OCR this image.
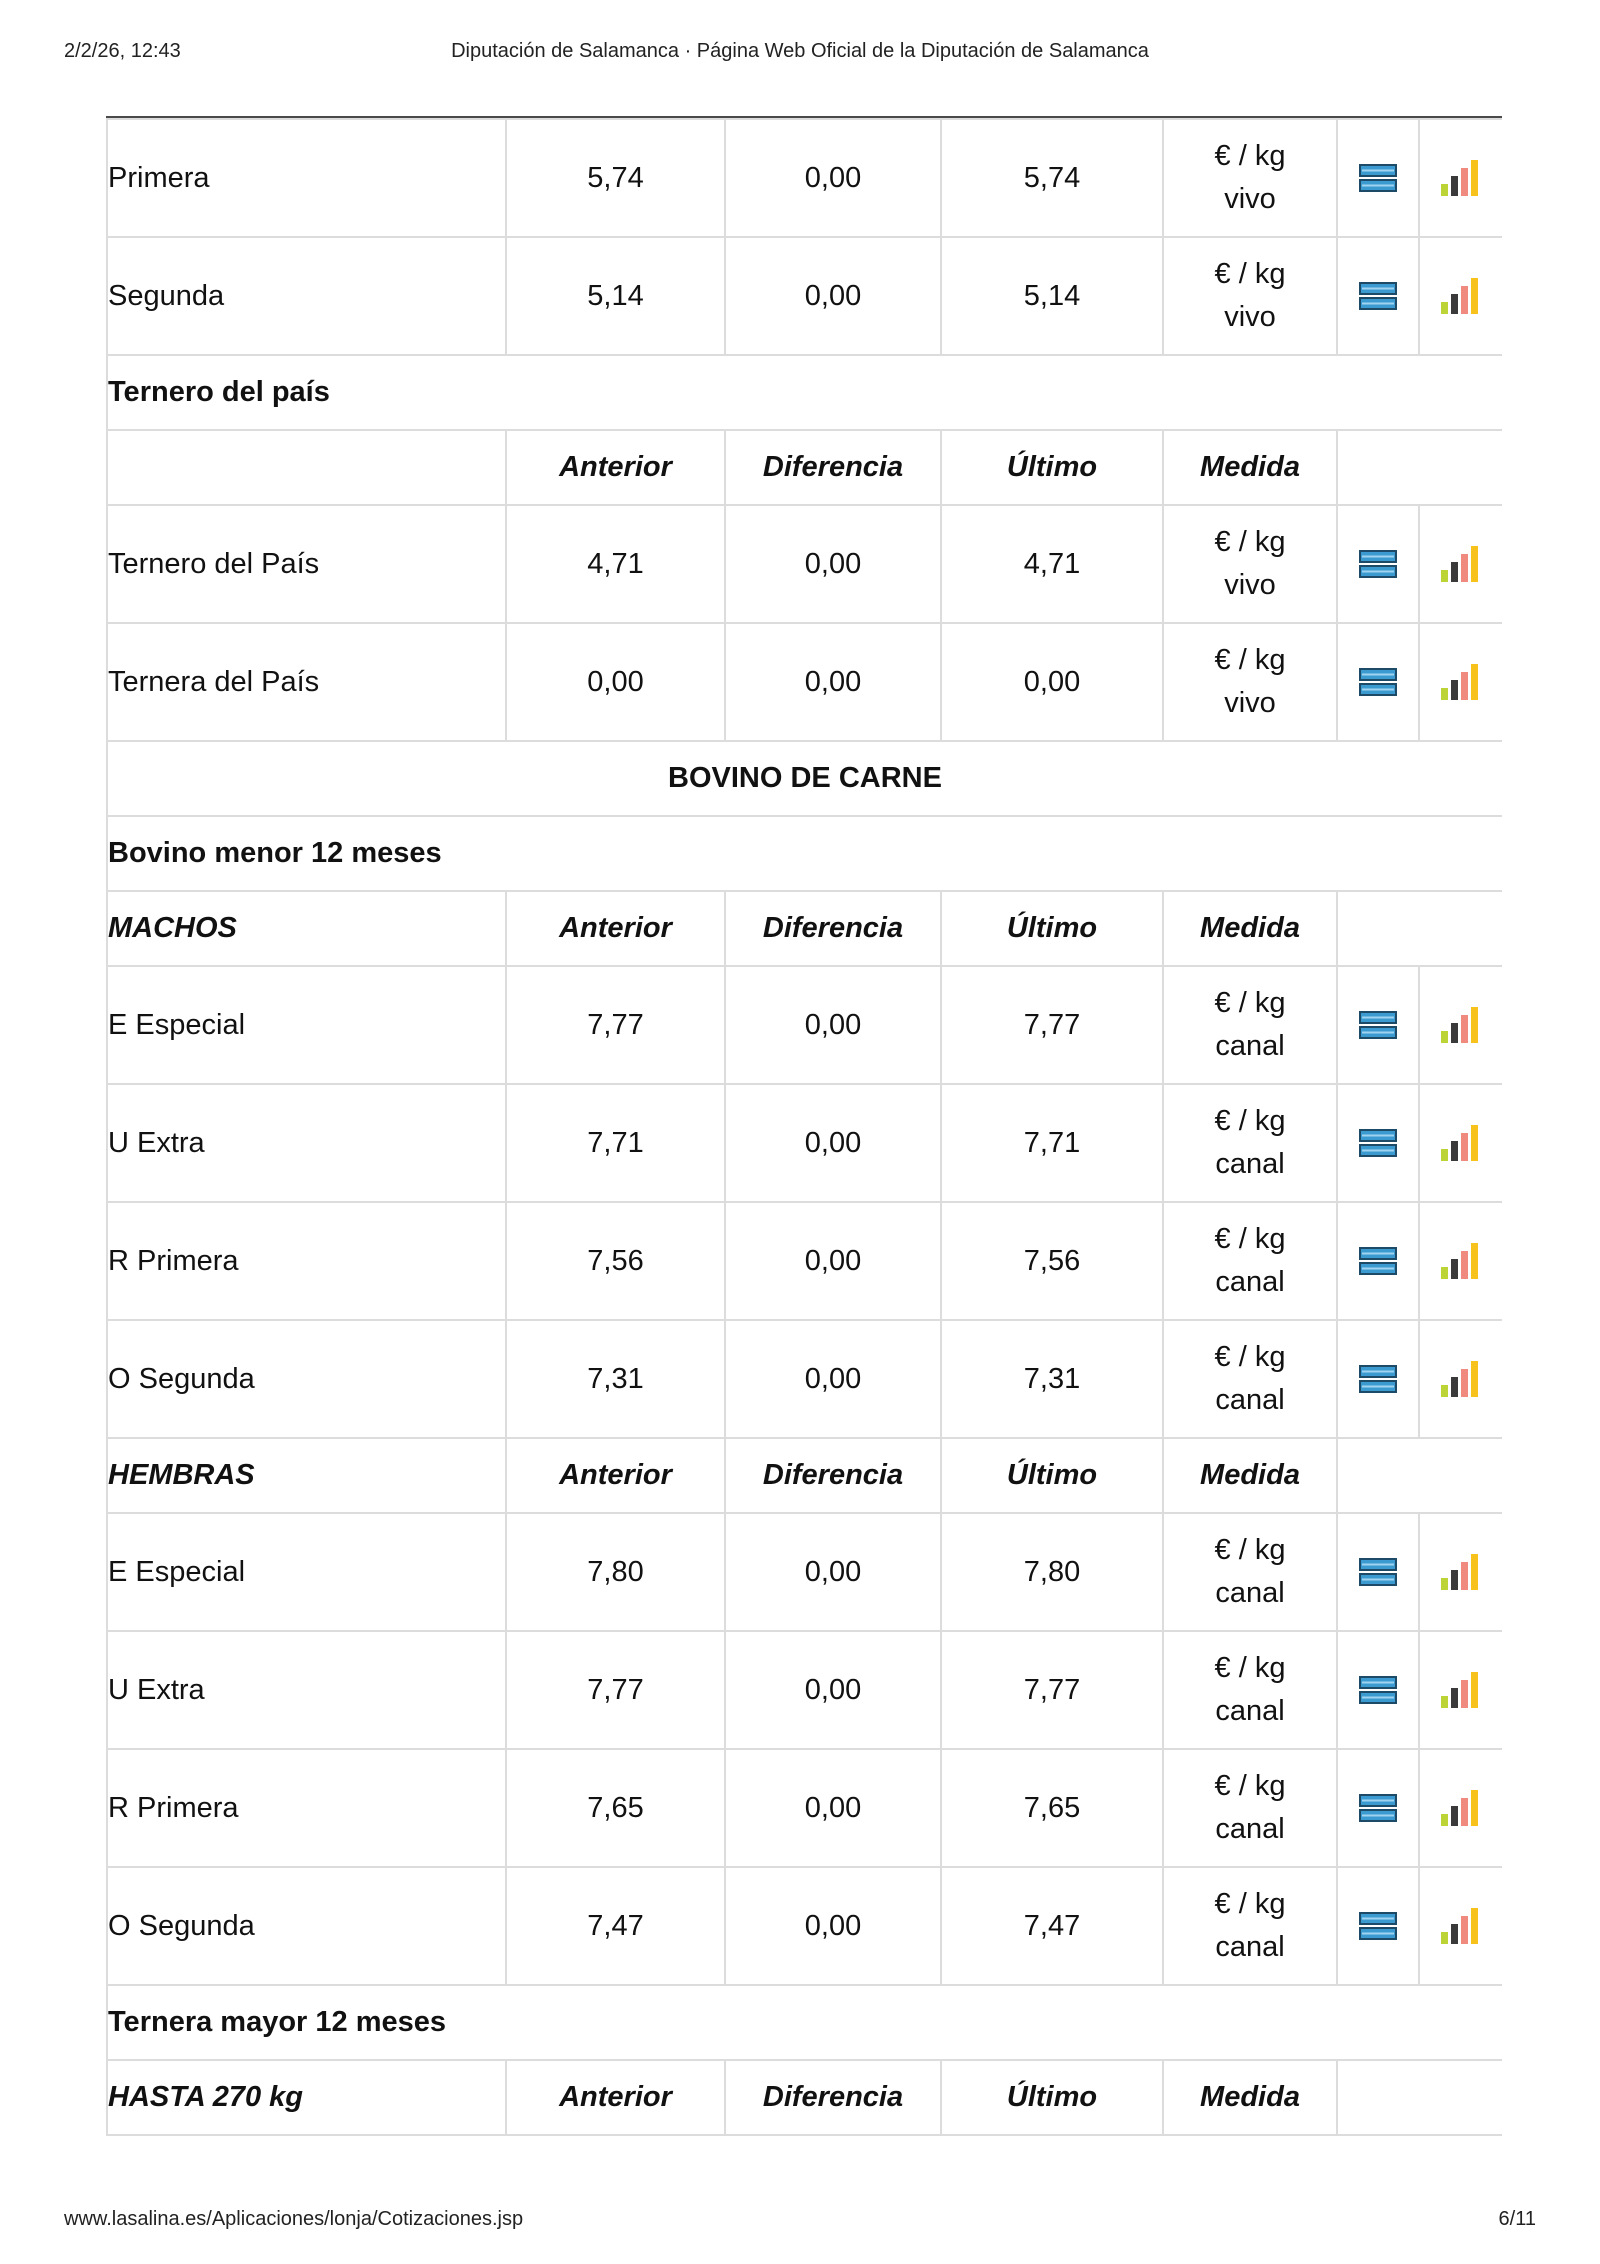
2/2/26, 12:43	Diputación de Salamanca · Página Web Oficial de la Diputación de Salamanca
Primera	5,74	0,00	5,74	€ / kg
vivo

Segunda	5,14	0,00	5,14	€ / kg
vivo

Ternero del país						
	Anterior	Diferencia	Último	Medida		
Ternero del País	4,71	0,00	4,71	€ / kg
vivo

Ternera del País	0,00	0,00	0,00	€ / kg
vivo

BOVINO DE CARNE						
Bovino menor 12 meses						
MACHOS	Anterior	Diferencia	Último	Medida		
E Especial	7,77	0,00	7,77	€ / kg
canal

U Extra	7,71	0,00	7,71	€ / kg
canal

R Primera	7,56	0,00	7,56	€ / kg
canal

O Segunda	7,31	0,00	7,31	€ / kg
canal

HEMBRAS	Anterior	Diferencia	Último	Medida		
E Especial	7,80	0,00	7,80	€ / kg
canal

U Extra	7,77	0,00	7,77	€ / kg
canal

R Primera	7,65	0,00	7,65	€ / kg
canal

O Segunda	7,47	0,00	7,47	€ / kg
canal

Ternera mayor 12 meses						
HASTA 270 kg	Anterior	Diferencia	Último	Medida		
www.lasalina.es/Aplicaciones/lonja/Cotizaciones.jsp	6/11
